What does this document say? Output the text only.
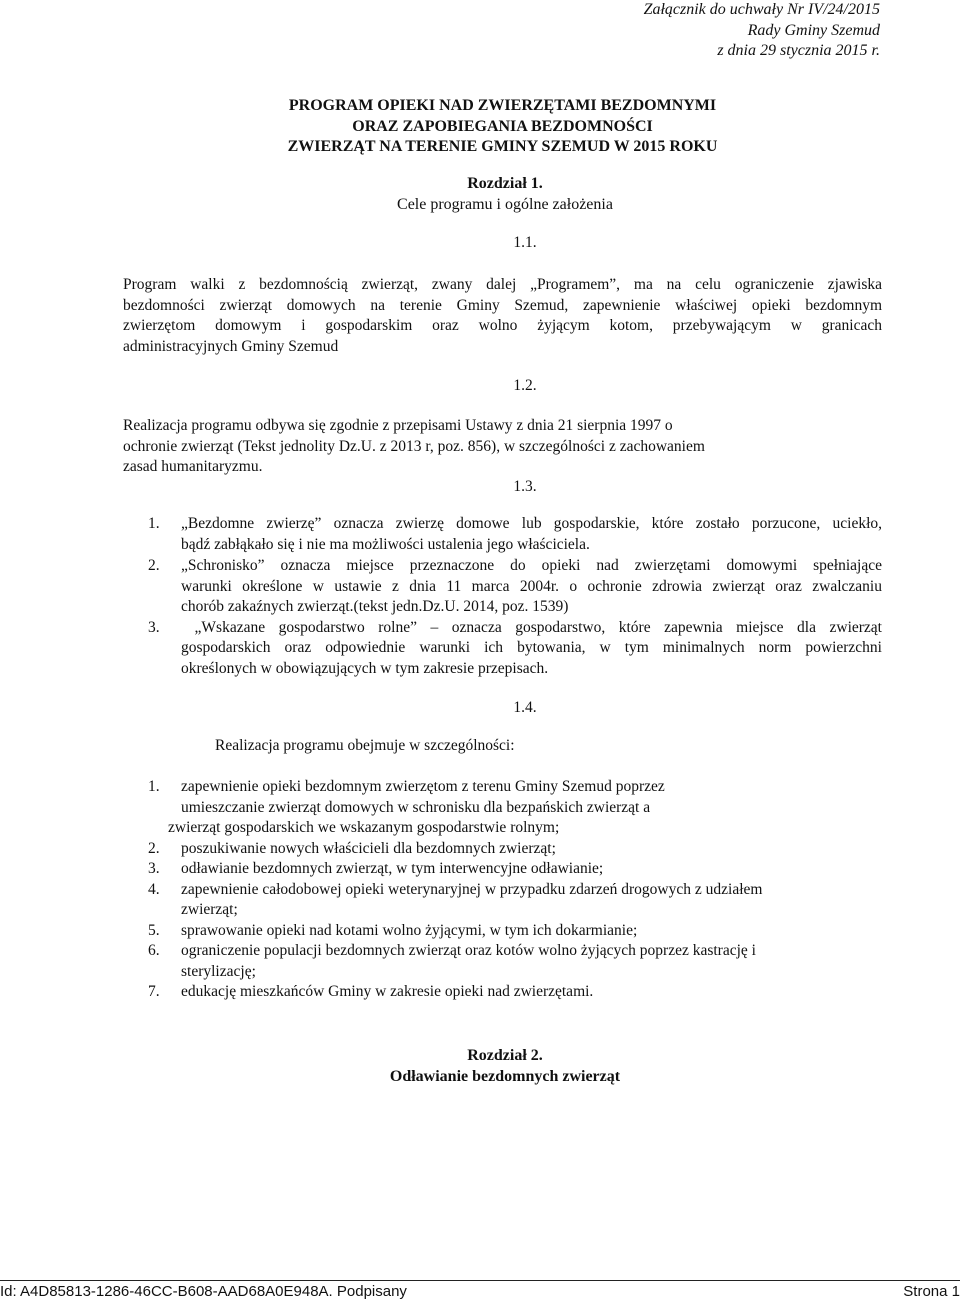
Załącznik do uchwały Nr IV/24/2015
Rady Gminy Szemud
z dnia 29 stycznia 2015 r.
PROGRAM OPIEKI NAD ZWIERZĘTAMI BEZDOMNYMI
ORAZ ZAPOBIEGANIA BEZDOMNOŚCI
ZWIERZĄT NA TERENIE GMINY SZEMUD W 2015 ROKU
Rozdział 1.
Cele programu i ogólne założenia
1.1.
Program walki z bezdomnością zwierząt, zwany dalej „Programem”, ma na celu ograniczenie zjawiska
bezdomności zwierząt domowych na terenie Gminy Szemud, zapewnienie właściwej opieki bezdomnym
zwierzętom domowym i gospodarskim oraz wolno żyjącym kotom, przebywającym w granicach
administracyjnych Gminy Szemud
1.2.
Realizacja programu odbywa się zgodnie z przepisami Ustawy z dnia 21 sierpnia 1997 o
ochronie zwierząt (Tekst jednolity Dz.U. z 2013 r, poz. 856), w szczególności z zachowaniem
zasad humanitaryzmu.
1.3.
1.	„Bezdomne zwierzę” oznacza zwierzę domowe lub gospodarskie, które zostało porzucone, uciekło,
bądź zabłąkało się i nie ma możliwości ustalenia jego właściciela.
2.	„Schronisko” oznacza miejsce przeznaczone do opieki nad zwierzętami domowymi spełniające
warunki określone w ustawie z dnia 11 marca 2004r. o ochronie zdrowia zwierząt oraz zwalczaniu
chorób zakaźnych zwierząt.(tekst jedn.Dz.U. 2014, poz. 1539)
3.	„Wskazane gospodarstwo rolne” – oznacza gospodarstwo, które zapewnia miejsce dla zwierząt
gospodarskich oraz odpowiednie warunki ich bytowania, w tym minimalnych norm powierzchni
określonych w obowiązujących w tym zakresie przepisach.
1.4.
Realizacja programu obejmuje w szczególności:
1.	zapewnienie opieki bezdomnym zwierzętom z terenu Gminy Szemud poprzez
umieszczanie zwierząt domowych w schronisku dla bezpańskich zwierząt a
zwierząt gospodarskich we wskazanym gospodarstwie rolnym;
2.	poszukiwanie nowych właścicieli dla bezdomnych zwierząt;
3.	odławianie bezdomnych zwierząt, w tym interwencyjne odławianie;
4.	zapewnienie całodobowej opieki weterynaryjnej w przypadku zdarzeń drogowych z udziałem
zwierząt;
5.	sprawowanie opieki nad kotami wolno żyjącymi, w tym ich dokarmianie;
6.	ograniczenie populacji bezdomnych zwierząt oraz kotów wolno żyjących poprzez kastrację i
sterylizację;
7.	edukację mieszkańców Gminy w zakresie opieki nad zwierzętami.
Rozdział 2.
Odławianie bezdomnych zwierząt
Id: A4D85813-1286-46CC-B608-AAD68A0E948A. Podpisany	Strona 1
